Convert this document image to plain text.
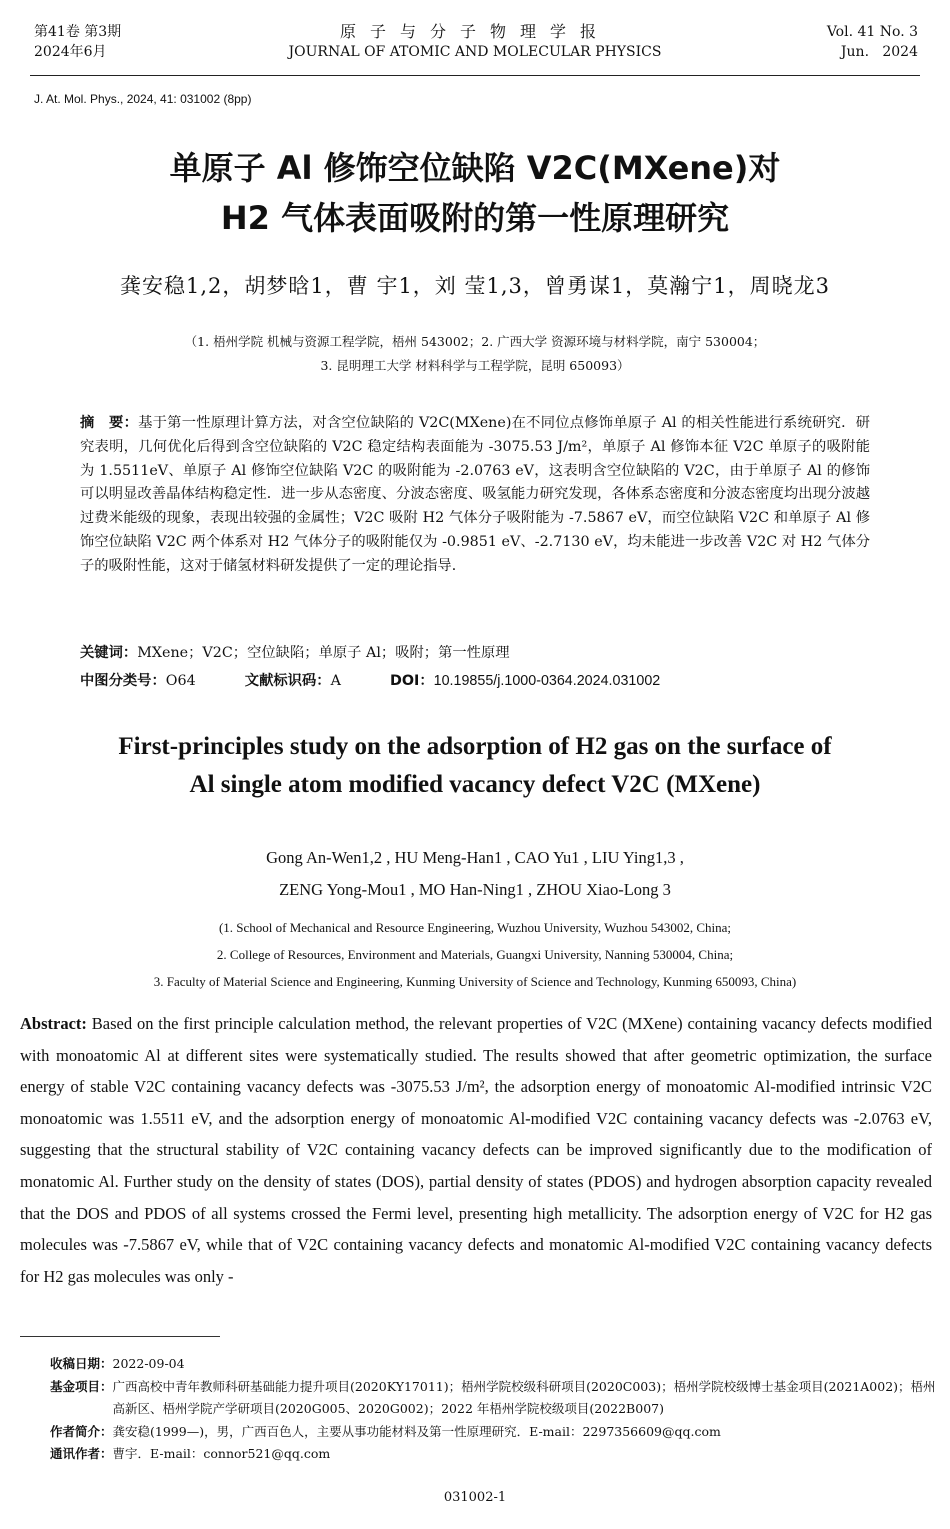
第41卷 第3期
2024年6月
原子与分子物理学报
JOURNAL OF ATOMIC AND MOLECULAR PHYSICS
Vol. 41 No. 3
Jun.   2024
J. At. Mol. Phys., 2024, 41: 031002 (8pp)
单原子 Al 修饰空位缺陷 V2C(MXene)对
H2 气体表面吸附的第一性原理研究
龚安稳1,2，胡梦晗1，曹 宇1，刘 莹1,3，曾勇谋1，莫瀚宁1，周晓龙3
（1. 梧州学院 机械与资源工程学院，梧州 543002；2. 广西大学 资源环境与材料学院，南宁 530004；
3. 昆明理工大学 材料科学与工程学院，昆明 650093）
摘　要：基于第一性原理计算方法，对含空位缺陷的 V2C(MXene)在不同位点修饰单原子 Al 的相关性能进行系统研究．研究表明，几何优化后得到含空位缺陷的 V2C 稳定结构表面能为 -3075.53 J/m²，单原子 Al 修饰本征 V2C 单原子的吸附能为 1.5511eV、单原子 Al 修饰空位缺陷 V2C 的吸附能为 -2.0763 eV，这表明含空位缺陷的 V2C，由于单原子 Al 的修饰可以明显改善晶体结构稳定性．进一步从态密度、分波态密度、吸氢能力研究发现，各体系态密度和分波态密度均出现分波越过费米能级的现象，表现出较强的金属性；V2C 吸附 H2 气体分子吸附能为 -7.5867 eV，而空位缺陷 V2C 和单原子 Al 修饰空位缺陷 V2C 两个体系对 H2 气体分子的吸附能仅为 -0.9851 eV、-2.7130 eV，均未能进一步改善 V2C 对 H2 气体分子的吸附性能，这对于储氢材料研发提供了一定的理论指导．
关键词：MXene；V2C；空位缺陷；单原子 Al；吸附；第一性原理
中图分类号：O64	文献标识码：A	DOI：10.19855/j.1000-0364.2024.031002
First-principles study on the adsorption of H2 gas on the surface of
Al single atom modified vacancy defect V2C (MXene)
Gong An-Wen1,2 , HU Meng-Han1 , CAO Yu1 , LIU Ying1,3 ,
ZENG Yong-Mou1 , MO Han-Ning1 , ZHOU Xiao-Long 3
(1. School of Mechanical and Resource Engineering, Wuzhou University, Wuzhou 543002, China;
2. College of Resources, Environment and Materials, Guangxi University, Nanning 530004, China;
3. Faculty of Material Science and Engineering, Kunming University of Science and Technology, Kunming 650093, China)
Abstract: Based on the first principle calculation method, the relevant properties of V2C (MXene) containing vacancy defects modified with monoatomic Al at different sites were systematically studied. The results showed that after geometric optimization, the surface energy of stable V2C containing vacancy defects was -3075.53 J/m², the adsorption energy of monoatomic Al-modified intrinsic V2C monoatomic was 1.5511 eV, and the adsorption energy of monoatomic Al-modified V2C containing vacancy defects was -2.0763 eV, suggesting that the structural stability of V2C containing vacancy defects can be improved significantly due to the modification of monatomic Al. Further study on the density of states (DOS), partial density of states (PDOS) and hydrogen absorption capacity revealed that the DOS and PDOS of all systems crossed the Fermi level, presenting high metallicity. The adsorption energy of V2C for H2 gas molecules was -7.5867 eV, while that of V2C containing vacancy defects and monatomic Al-modified V2C containing vacancy defects for H2 gas molecules was only -
收稿日期： 2022-09-04
基金项目： 广西高校中青年教师科研基础能力提升项目(2020KY17011)；梧州学院校级科研项目(2020C003)；梧州学院校级博士基金项目(2021A002)；梧州高新区、梧州学院产学研项目(2020G005、2020G002)；2022 年梧州学院校级项目(2022B007)
作者简介： 龚安稳(1999—)，男，广西百色人，主要从事功能材料及第一性原理研究．E-mail：2297356609@qq.com
通讯作者： 曹宇．E-mail：connor521@qq.com
031002-1
